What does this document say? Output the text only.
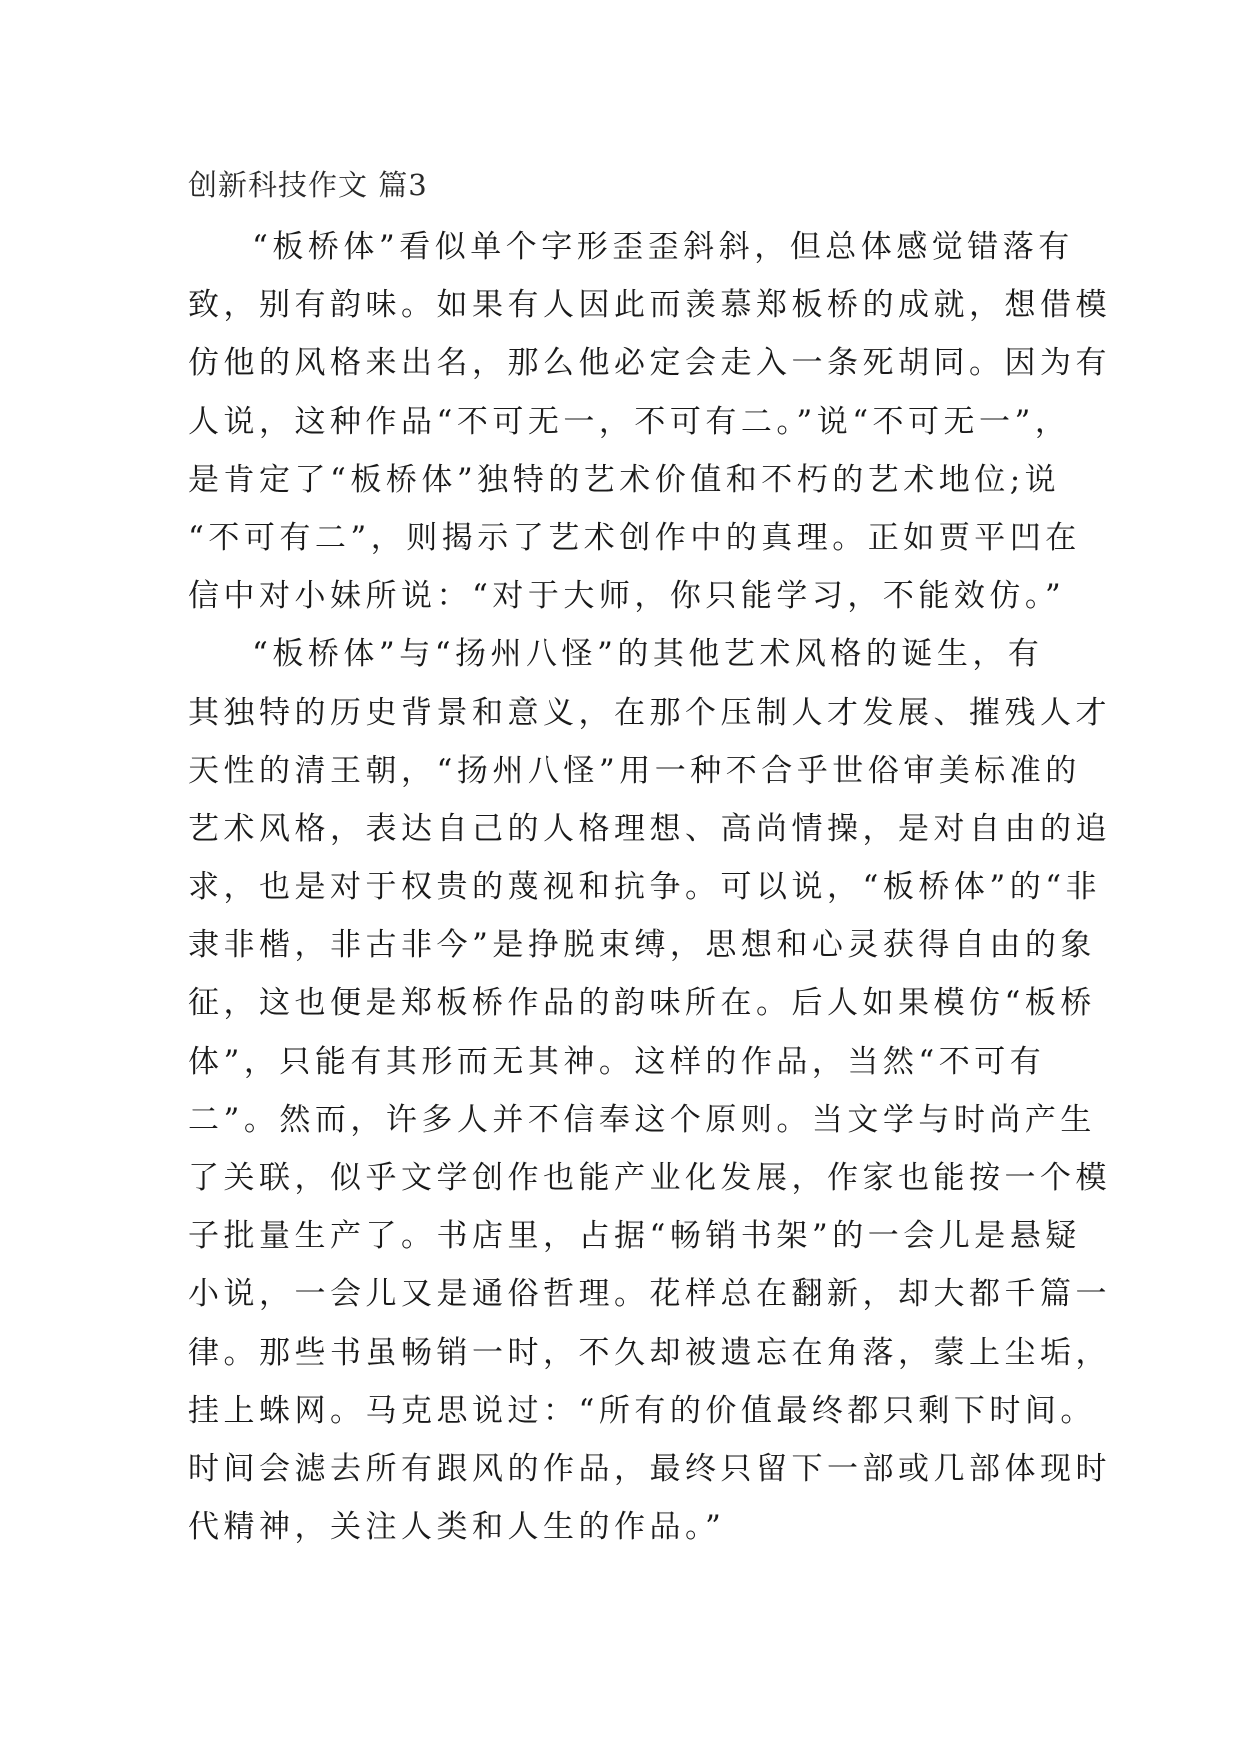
创新科技作文 篇3
“板桥体”看似单个字形歪歪斜斜，但总体感觉错落有
致，别有韵味。如果有人因此而羡慕郑板桥的成就，想借模
仿他的风格来出名，那么他必定会走入一条死胡同。因为有
人说，这种作品“不可无一，不可有二。”说“不可无一”，
是肯定了“板桥体”独特的艺术价值和不朽的艺术地位;说
“不可有二”，则揭示了艺术创作中的真理。正如贾平凹在
信中对小妹所说：“对于大师，你只能学习，不能效仿。”
“板桥体”与“扬州八怪”的其他艺术风格的诞生，有
其独特的历史背景和意义，在那个压制人才发展、摧残人才
天性的清王朝，“扬州八怪”用一种不合乎世俗审美标准的
艺术风格，表达自己的人格理想、高尚情操，是对自由的追
求，也是对于权贵的蔑视和抗争。可以说，“板桥体”的“非
隶非楷，非古非今”是挣脱束缚，思想和心灵获得自由的象
征，这也便是郑板桥作品的韵味所在。后人如果模仿“板桥
体”，只能有其形而无其神。这样的作品，当然“不可有
二”。然而，许多人并不信奉这个原则。当文学与时尚产生
了关联，似乎文学创作也能产业化发展，作家也能按一个模
子批量生产了。书店里，占据“畅销书架”的一会儿是悬疑
小说，一会儿又是通俗哲理。花样总在翻新，却大都千篇一
律。那些书虽畅销一时，不久却被遗忘在角落，蒙上尘垢，
挂上蛛网。马克思说过：“所有的价值最终都只剩下时间。
时间会滤去所有跟风的作品，最终只留下一部或几部体现时
代精神，关注人类和人生的作品。”
